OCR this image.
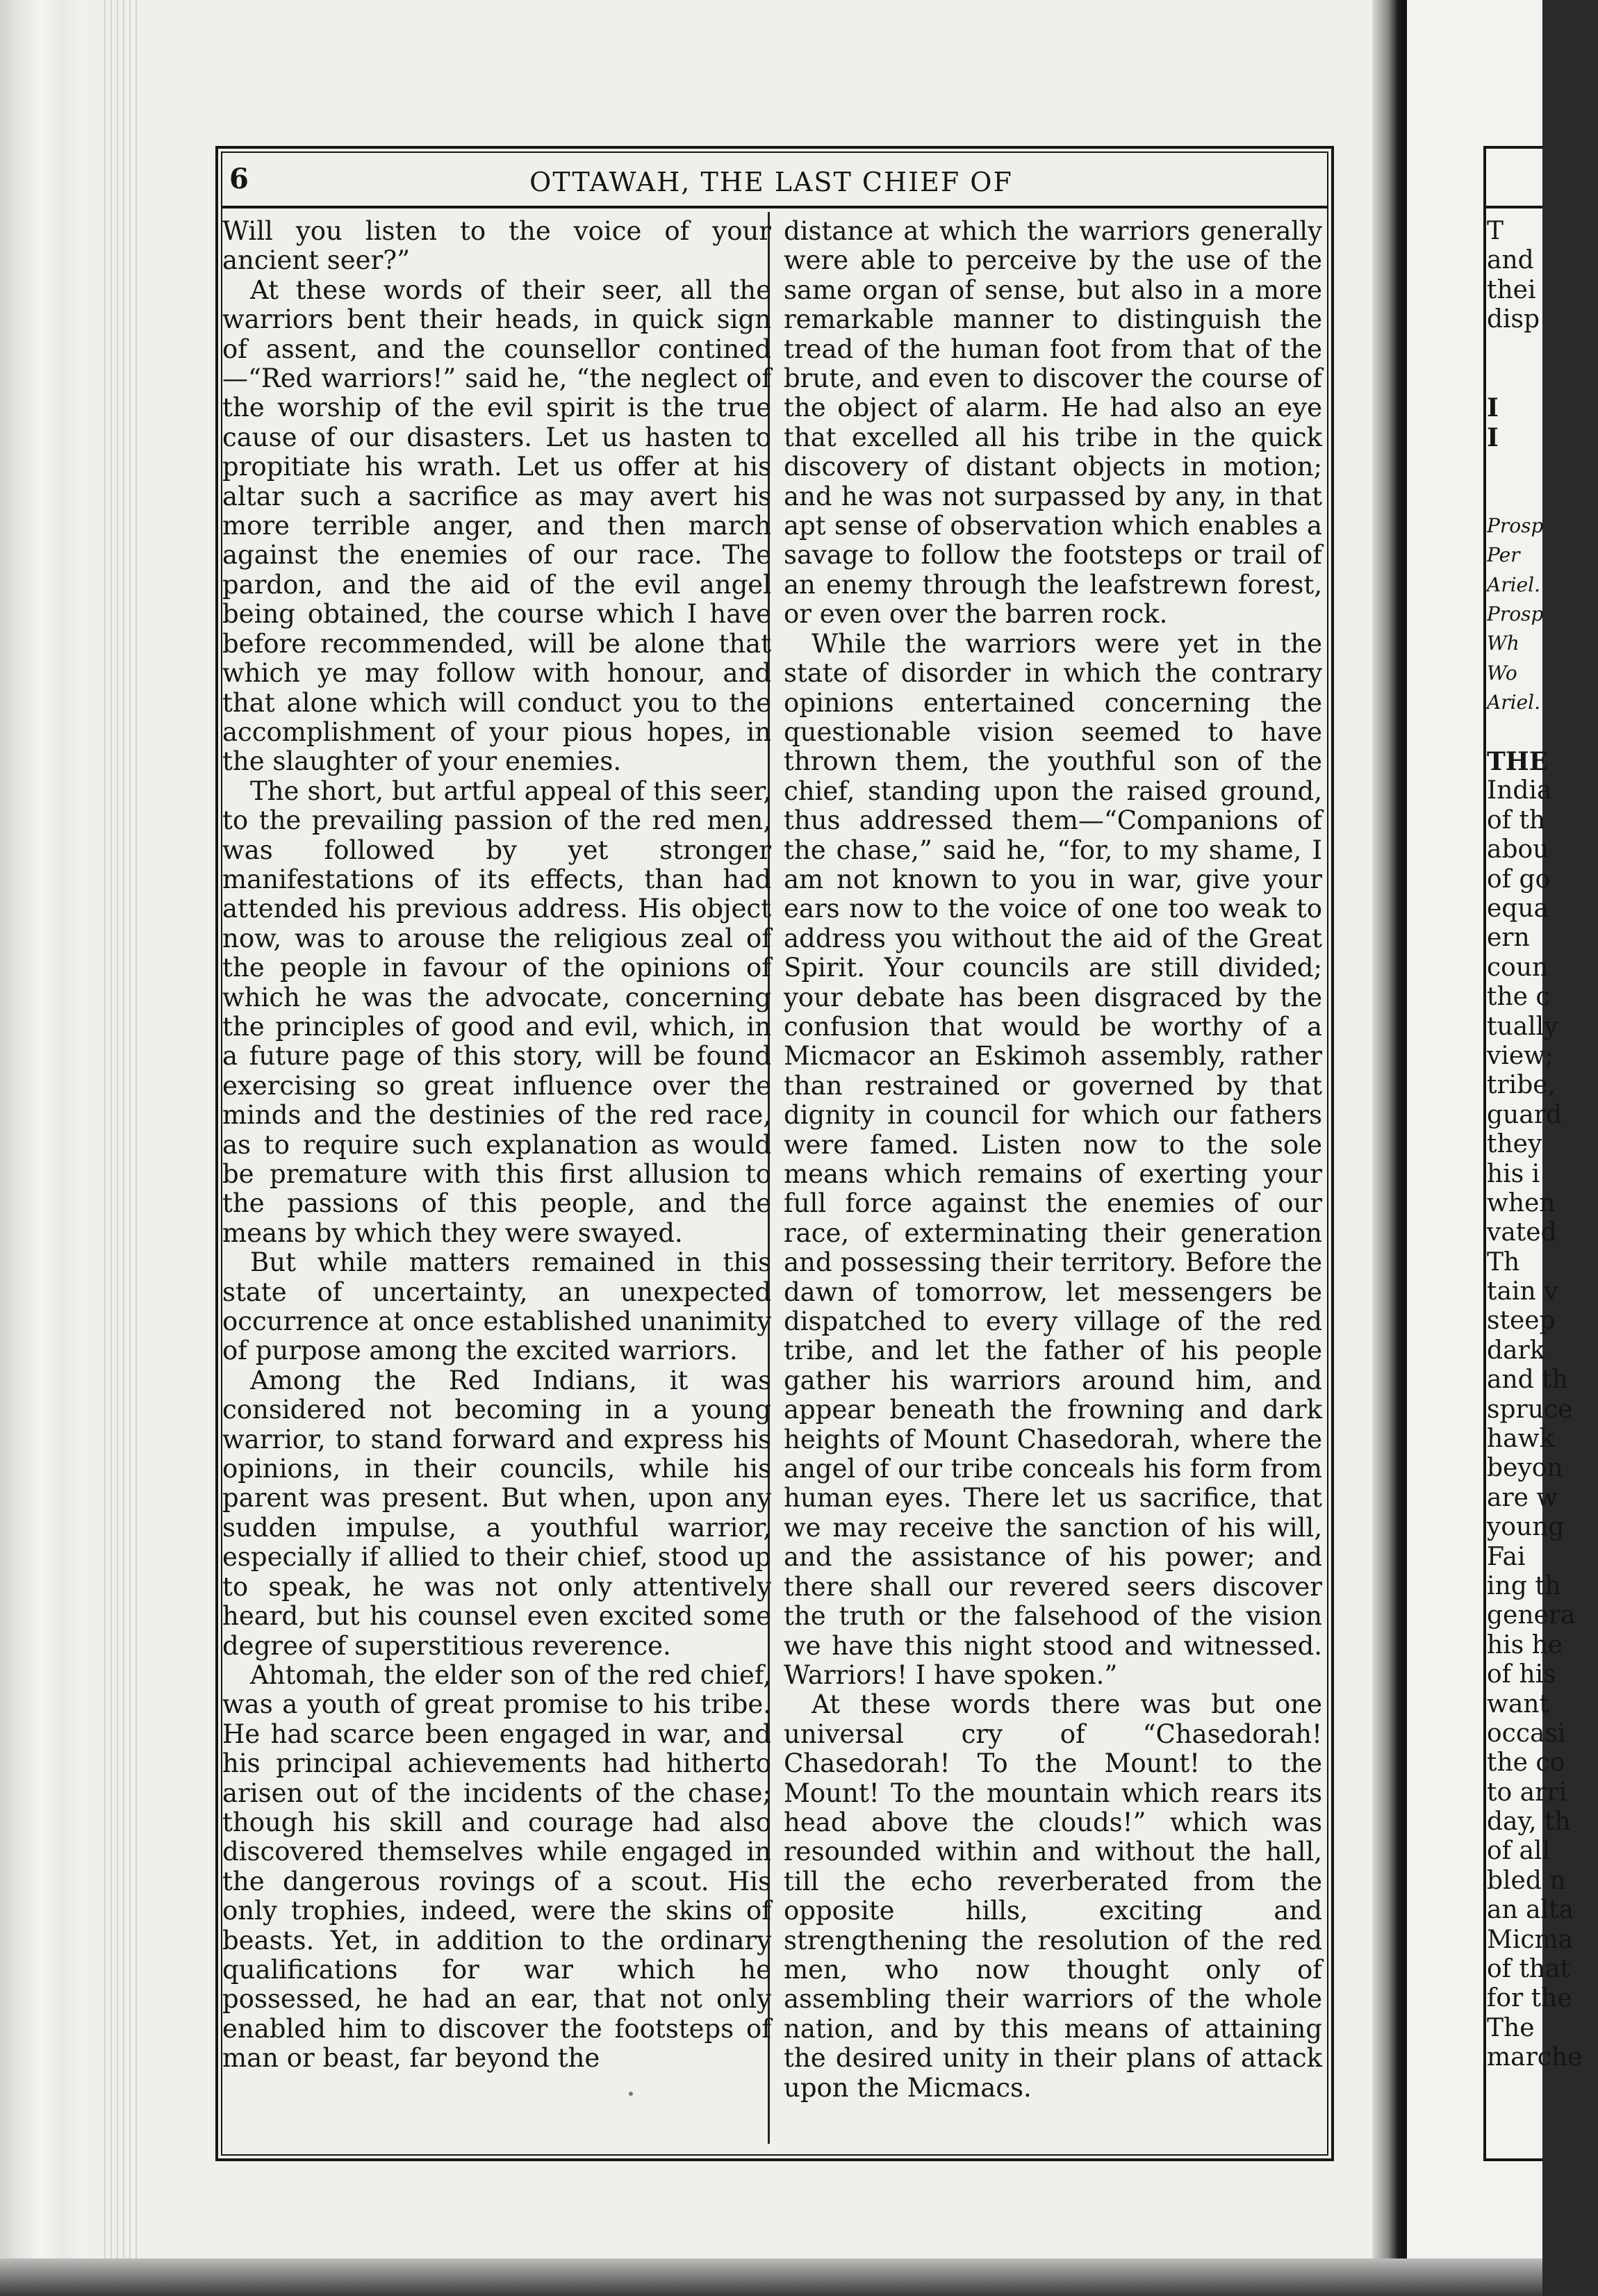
6	OTTAWAH, THE LAST CHIEF OF

Will you listen to the voice of your ancient seer?”

At these words of their seer, all the warriors bent their heads, in quick sign of assent, and the counsellor contined—“Red warriors!” said he, “the neglect of the worship of the evil spirit is the true cause of our disasters. Let us hasten to propitiate his wrath. Let us offer at his altar such a sacrifice as may avert his more terrible anger, and then march against the enemies of our race. The pardon, and the aid of the evil angel being obtained, the course which I have before recommended, will be alone that which ye may follow with honour, and that alone which will conduct you to the accomplishment of your pious hopes, in the slaughter of your enemies.

The short, but artful appeal of this seer, to the prevailing passion of the red men, was followed by yet stronger manifestations of its effects, than had attended his previous address. His object now, was to arouse the religious zeal of the people in favour of the opinions of which he was the advocate, concerning the principles of good and evil, which, in a future page of this story, will be found exercising so great influence over the minds and the destinies of the red race, as to require such explanation as would be premature with this first allusion to the passions of this people, and the means by which they were swayed.

But while matters remained in this state of uncertainty, an unexpected occurrence at once established unanimity of purpose among the excited warriors.

Among the Red Indians, it was considered not becoming in a young warrior, to stand forward and express his opinions, in their councils, while his parent was present. But when, upon any sudden impulse, a youthful warrior, especially if allied to their chief, stood up to speak, he was not only attentively heard, but his counsel even excited some degree of superstitious reverence.

Ahtomah, the elder son of the red chief, was a youth of great promise to his tribe. He had scarce been engaged in war, and his principal achievements had hitherto arisen out of the incidents of the chase; though his skill and courage had also discovered themselves while engaged in the dangerous rovings of a scout. His only trophies, indeed, were the skins of beasts. Yet, in addition to the ordinary qualifications for war which he possessed, he had an ear, that not only enabled him to discover the footsteps of man or beast, far beyond the

distance at which the warriors generally were able to perceive by the use of the same organ of sense, but also in a more remarkable manner to distinguish the tread of the human foot from that of the brute, and even to discover the course of the object of alarm. He had also an eye that excelled all his tribe in the quick discovery of distant objects in motion; and he was not surpassed by any, in that apt sense of observation which enables a savage to follow the footsteps or trail of an enemy through the leafstrewn forest, or even over the barren rock.

While the warriors were yet in the state of disorder in which the contrary opinions entertained concerning the questionable vision seemed to have thrown them, the youthful son of the chief, standing upon the raised ground, thus addressed them—“Companions of the chase,” said he, “for, to my shame, I am not known to you in war, give your ears now to the voice of one too weak to address you without the aid of the Great Spirit. Your councils are still divided; your debate has been disgraced by the confusion that would be worthy of a Micmacor an Eskimoh assembly, rather than restrained or governed by that dignity in council for which our fathers were famed. Listen now to the sole means which remains of exerting your full force against the enemies of our race, of exterminating their generation and possessing their territory. Before the dawn of tomorrow, let messengers be dispatched to every village of the red tribe, and let the father of his people gather his warriors around him, and appear beneath the frowning and dark heights of Mount Chasedorah, where the angel of our tribe conceals his form from human eyes. There let us sacrifice, that we may receive the sanction of his will, and the assistance of his power; and there shall our revered seers discover the truth or the falsehood of the vision we have this night stood and witnessed. Warriors! I have spoken.”

At these words there was but one universal cry of “Chasedorah! Chasedorah! To the Mount! to the Mount! To the mountain which rears its head above the clouds!” which was resounded within and without the hall, till the echo reverberated from the opposite hills, exciting and strengthening the resolution of the red men, who now thought only of assembling their warriors of the whole nation, and by this means of attaining the desired unity in their plans of attack upon the Micmacs.

T
and
thei
disp
I
I
Prosp
Per
Ariel.
Prosp
Wh
Wo
Ariel.
THE
India
of th
abou
of go
equa
ern
coun
the c
tually
view;
tribe,
guard
they
his i
when
vated
Th
tain v
steep
dark
and th
spruce
hawk
beyon
are w
young
Fai
ing th
genera
his he
of his
want
occasi
the co
to arri
day, th
of all
bled n
an alta
Micma
of that
for the
The
marche
